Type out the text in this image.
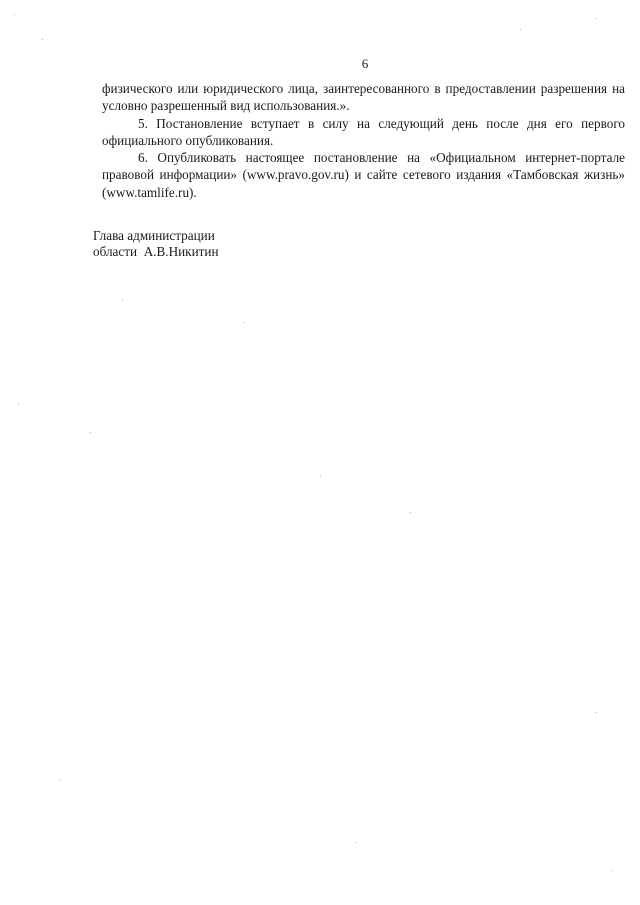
6

физического или юридического лица, заинтересованного в предоставлении разрешения на условно разрешенный вид использования.».

5. Постановление вступает в силу на следующий день после дня его первого официального опубликования.

6. Опубликовать настоящее постановление на «Официальном интернет-портале правовой информации» (www.pravo.gov.ru) и сайте сетевого издания «Тамбовская жизнь» (www.tamlife.ru).

Глава администрации
области А.В.Никитин
